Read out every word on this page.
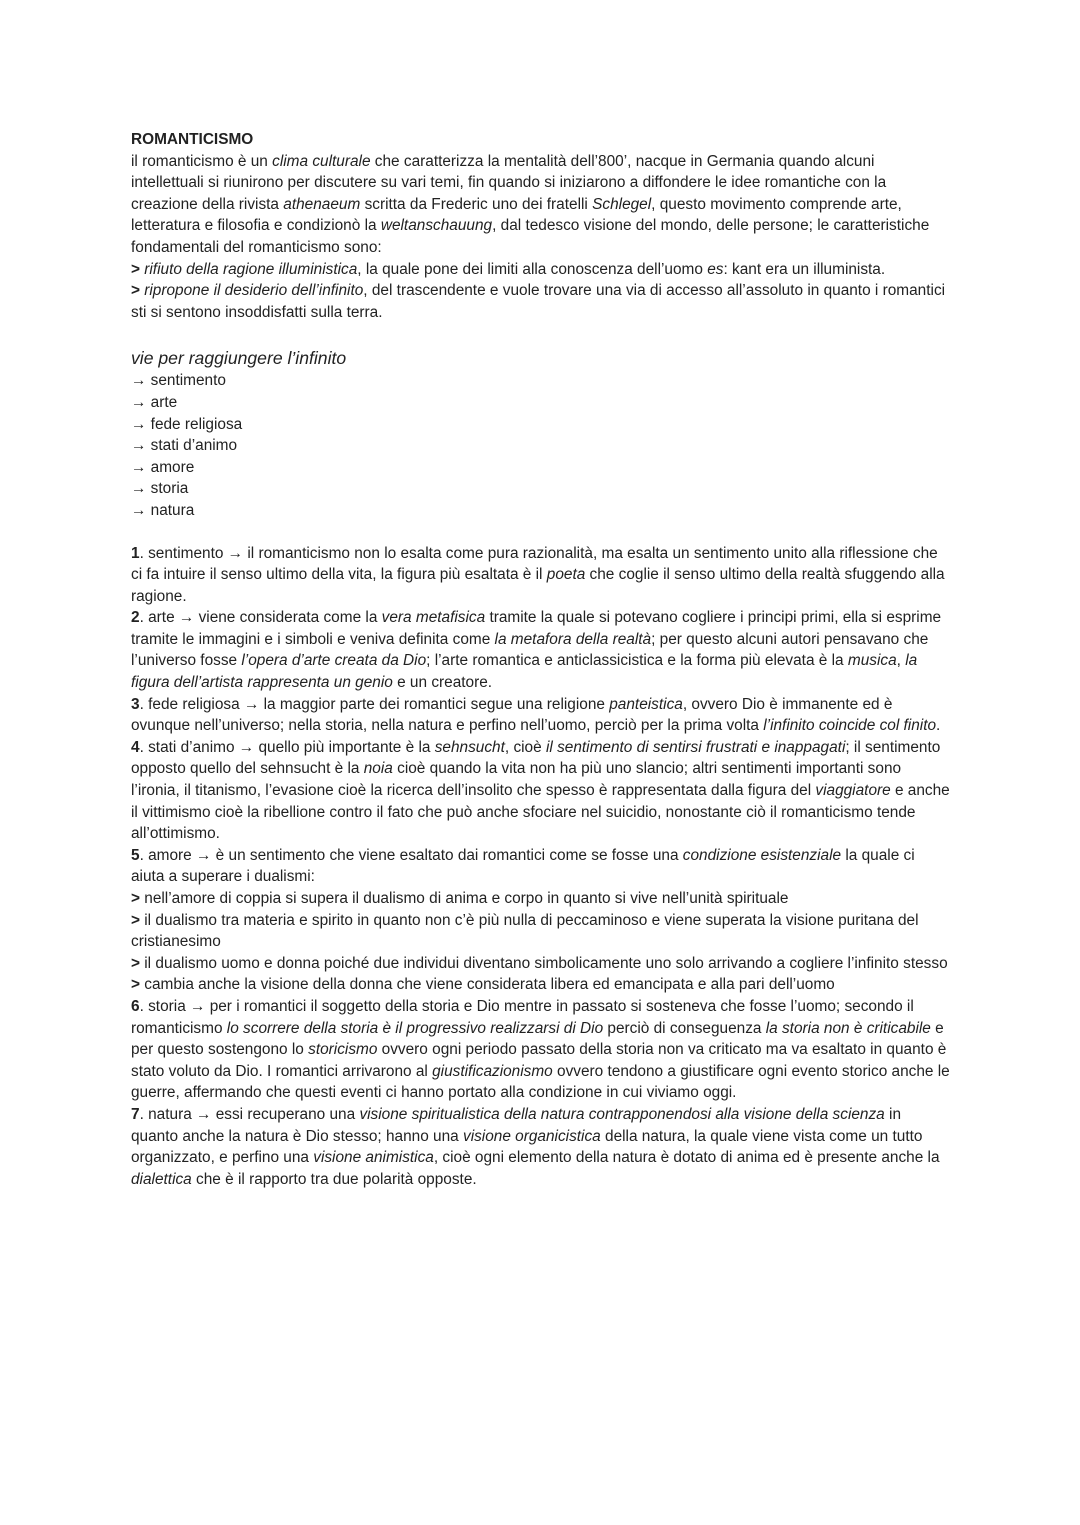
ROMANTICISMO
il romanticismo è un clima culturale che caratterizza la mentalità dell’800’, nacque in Germania quando alcuni intellettuali si riunirono per discutere su vari temi, fin quando si iniziarono a diffondere le idee romantiche con la creazione della rivista athenaeum scritta da Frederic uno dei fratelli Schlegel, questo movimento comprende arte, letteratura e filosofia e condizionò la weltanschauung, dal tedesco visione del mondo, delle persone; le caratteristiche fondamentali del romanticismo sono:
> rifiuto della ragione illuministica, la quale pone dei limiti alla conoscenza dell’uomo es: kant era un illuminista.
> ripropone il desiderio dell’infinito, del trascendente e vuole trovare una via di accesso all’assoluto in quanto i romantici sti si sentono insoddisfatti sulla terra.
vie per raggiungere l’infinito
→ sentimento
→ arte
→ fede religiosa
→ stati d’animo
→ amore
→ storia
→ natura
1. sentimento → il romanticismo non lo esalta come pura razionalità, ma esalta un sentimento unito alla riflessione che ci fa intuire il senso ultimo della vita, la figura più esaltata è il poeta che coglie il senso ultimo della realtà sfuggendo alla ragione.
2. arte → viene considerata come la vera metafisica tramite la quale si potevano cogliere i principi primi, ella si esprime tramite le immagini e i simboli e veniva definita come la metafora della realtà; per questo alcuni autori pensavano che l’universo fosse l’opera d’arte creata da Dio; l’arte romantica e anticlassicistica e la forma più elevata è la musica, la figura dell’artista rappresenta un genio e un creatore.
3. fede religiosa → la maggior parte dei romantici segue una religione panteistica, ovvero Dio è immanente ed è ovunque nell’universo; nella storia, nella natura e perfino nell’uomo, perciò per la prima volta l’infinito coincide col finito.
4. stati d’animo → quello più importante è la sehnsucht, cioè il sentimento di sentirsi frustrati e inappagati; il sentimento opposto quello del sehnsucht è la noia cioè quando la vita non ha più uno slancio; altri sentimenti importanti sono l’ironia, il titanismo, l’evasione cioè la ricerca dell’insolito che spesso è rappresentata dalla figura del viaggiatore e anche il vittimismo cioè la ribellione contro il fato che può anche sfociare nel suicidio, nonostante ciò il romanticismo tende all’ottimismo.
5. amore → è un sentimento che viene esaltato dai romantici come se fosse una condizione esistenziale la quale ci aiuta a superare i dualismi:
> nell’amore di coppia si supera il dualismo di anima e corpo in quanto si vive nell’unità spirituale
> il dualismo tra materia e spirito in quanto non c’è più nulla di peccaminoso e viene superata la visione puritana del cristianesimo
> il dualismo uomo e donna poiché due individui diventano simbolicamente uno solo arrivando a cogliere l’infinito stesso
> cambia anche la visione della donna che viene considerata libera ed emancipata e alla pari dell’uomo
6. storia → per i romantici il soggetto della storia e Dio mentre in passato si sosteneva che fosse l’uomo; secondo il romanticismo lo scorrere della storia è il progressivo realizzarsi di Dio perciò di conseguenza la storia non è criticabile e per questo sostengono lo storicismo ovvero ogni periodo passato della storia non va criticato ma va esaltato in quanto è stato voluto da Dio. I romantici arrivarono al giustificazionismo ovvero tendono a giustificare ogni evento storico anche le guerre, affermando che questi eventi ci hanno portato alla condizione in cui viviamo oggi.
7. natura → essi recuperano una visione spiritualistica della natura contrapponendosi alla visione della scienza in quanto anche la natura è Dio stesso; hanno una visione organicistica della natura, la quale viene vista come un tutto organizzato, e perfino una visione animistica, cioè ogni elemento della natura è dotato di anima ed è presente anche la dialettica che è il rapporto tra due polarità opposte.
